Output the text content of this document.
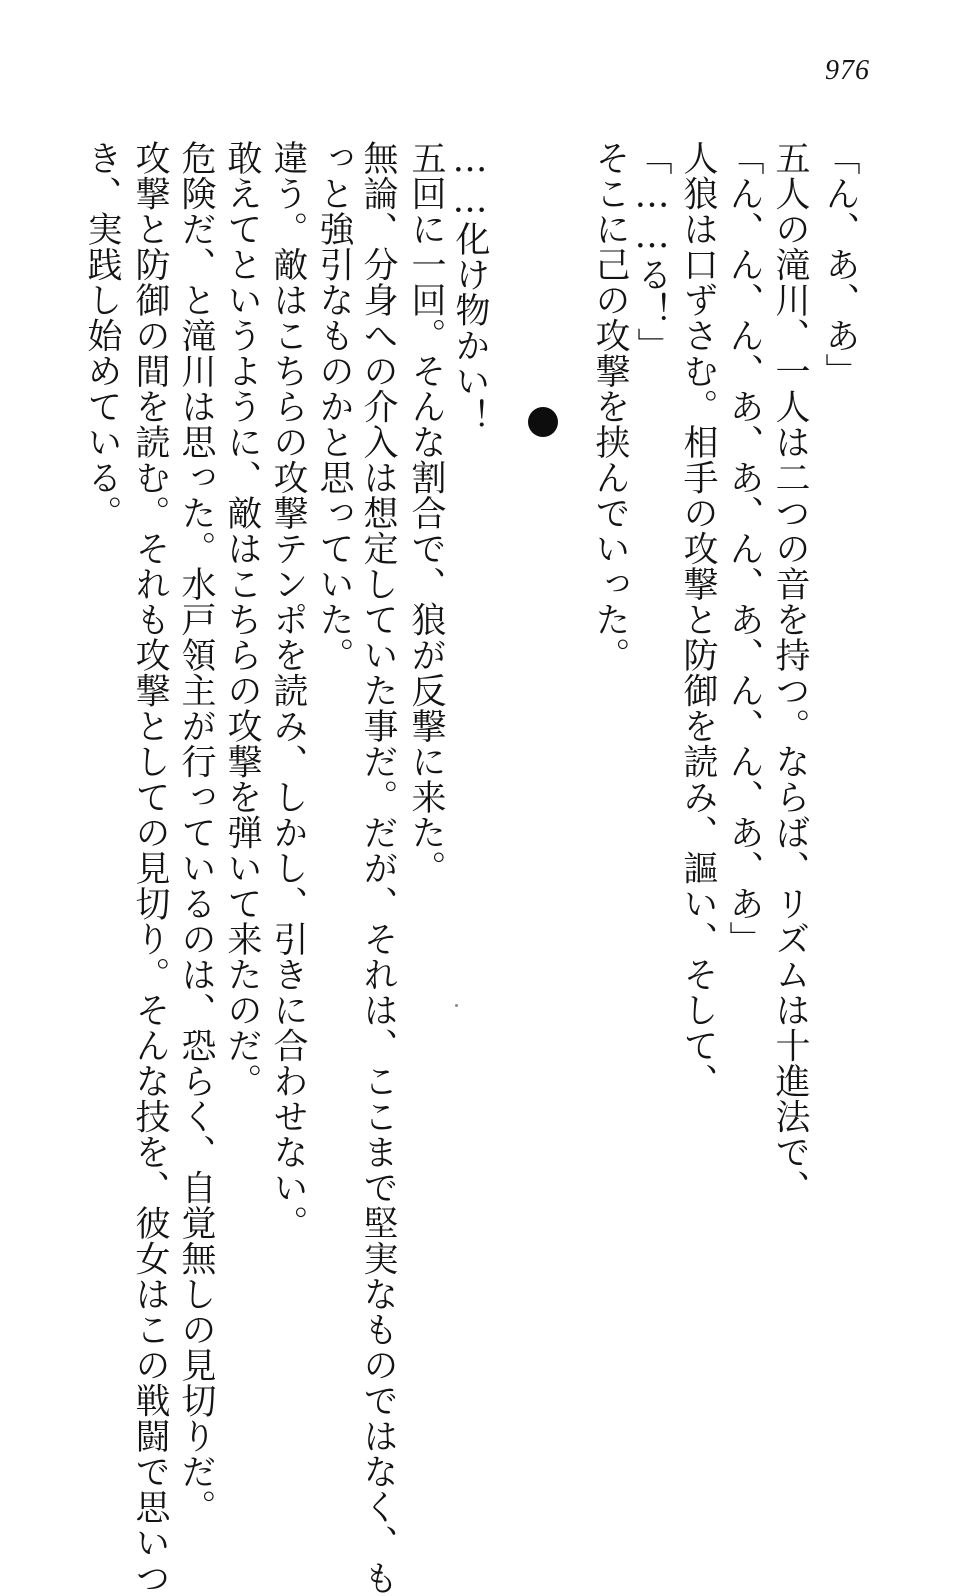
976
「ん、あ、あ」
五人の滝川、一人は二つの音を持つ。ならば、リズムは十進法で、
「ん、ん、ん、あ、あ、ん、あ、ん、ん、あ、あ」
人狼は口ずさむ。相手の攻撃と防御を読み、謳い、そして、
「……る！」
そこに己の攻撃を挟んでいった。
……化け物かい！
五回に一回。そんな割合で、狼が反撃に来た。
無論、分身への介入は想定していた事だ。だが、それは、ここまで堅実なものではなく、も
っと強引なものかと思っていた。
違う。敵はこちらの攻撃テンポを読み、しかし、引きに合わせない。
敢えてというように、敵はこちらの攻撃を弾いて来たのだ。
危険だ、と滝川は思った。水戸領主が行っているのは、恐らく、自覚無しの見切りだ。
攻撃と防御の間を読む。それも攻撃としての見切り。そんな技を、彼女はこの戦闘で思いつ
き、実践し始めている。
